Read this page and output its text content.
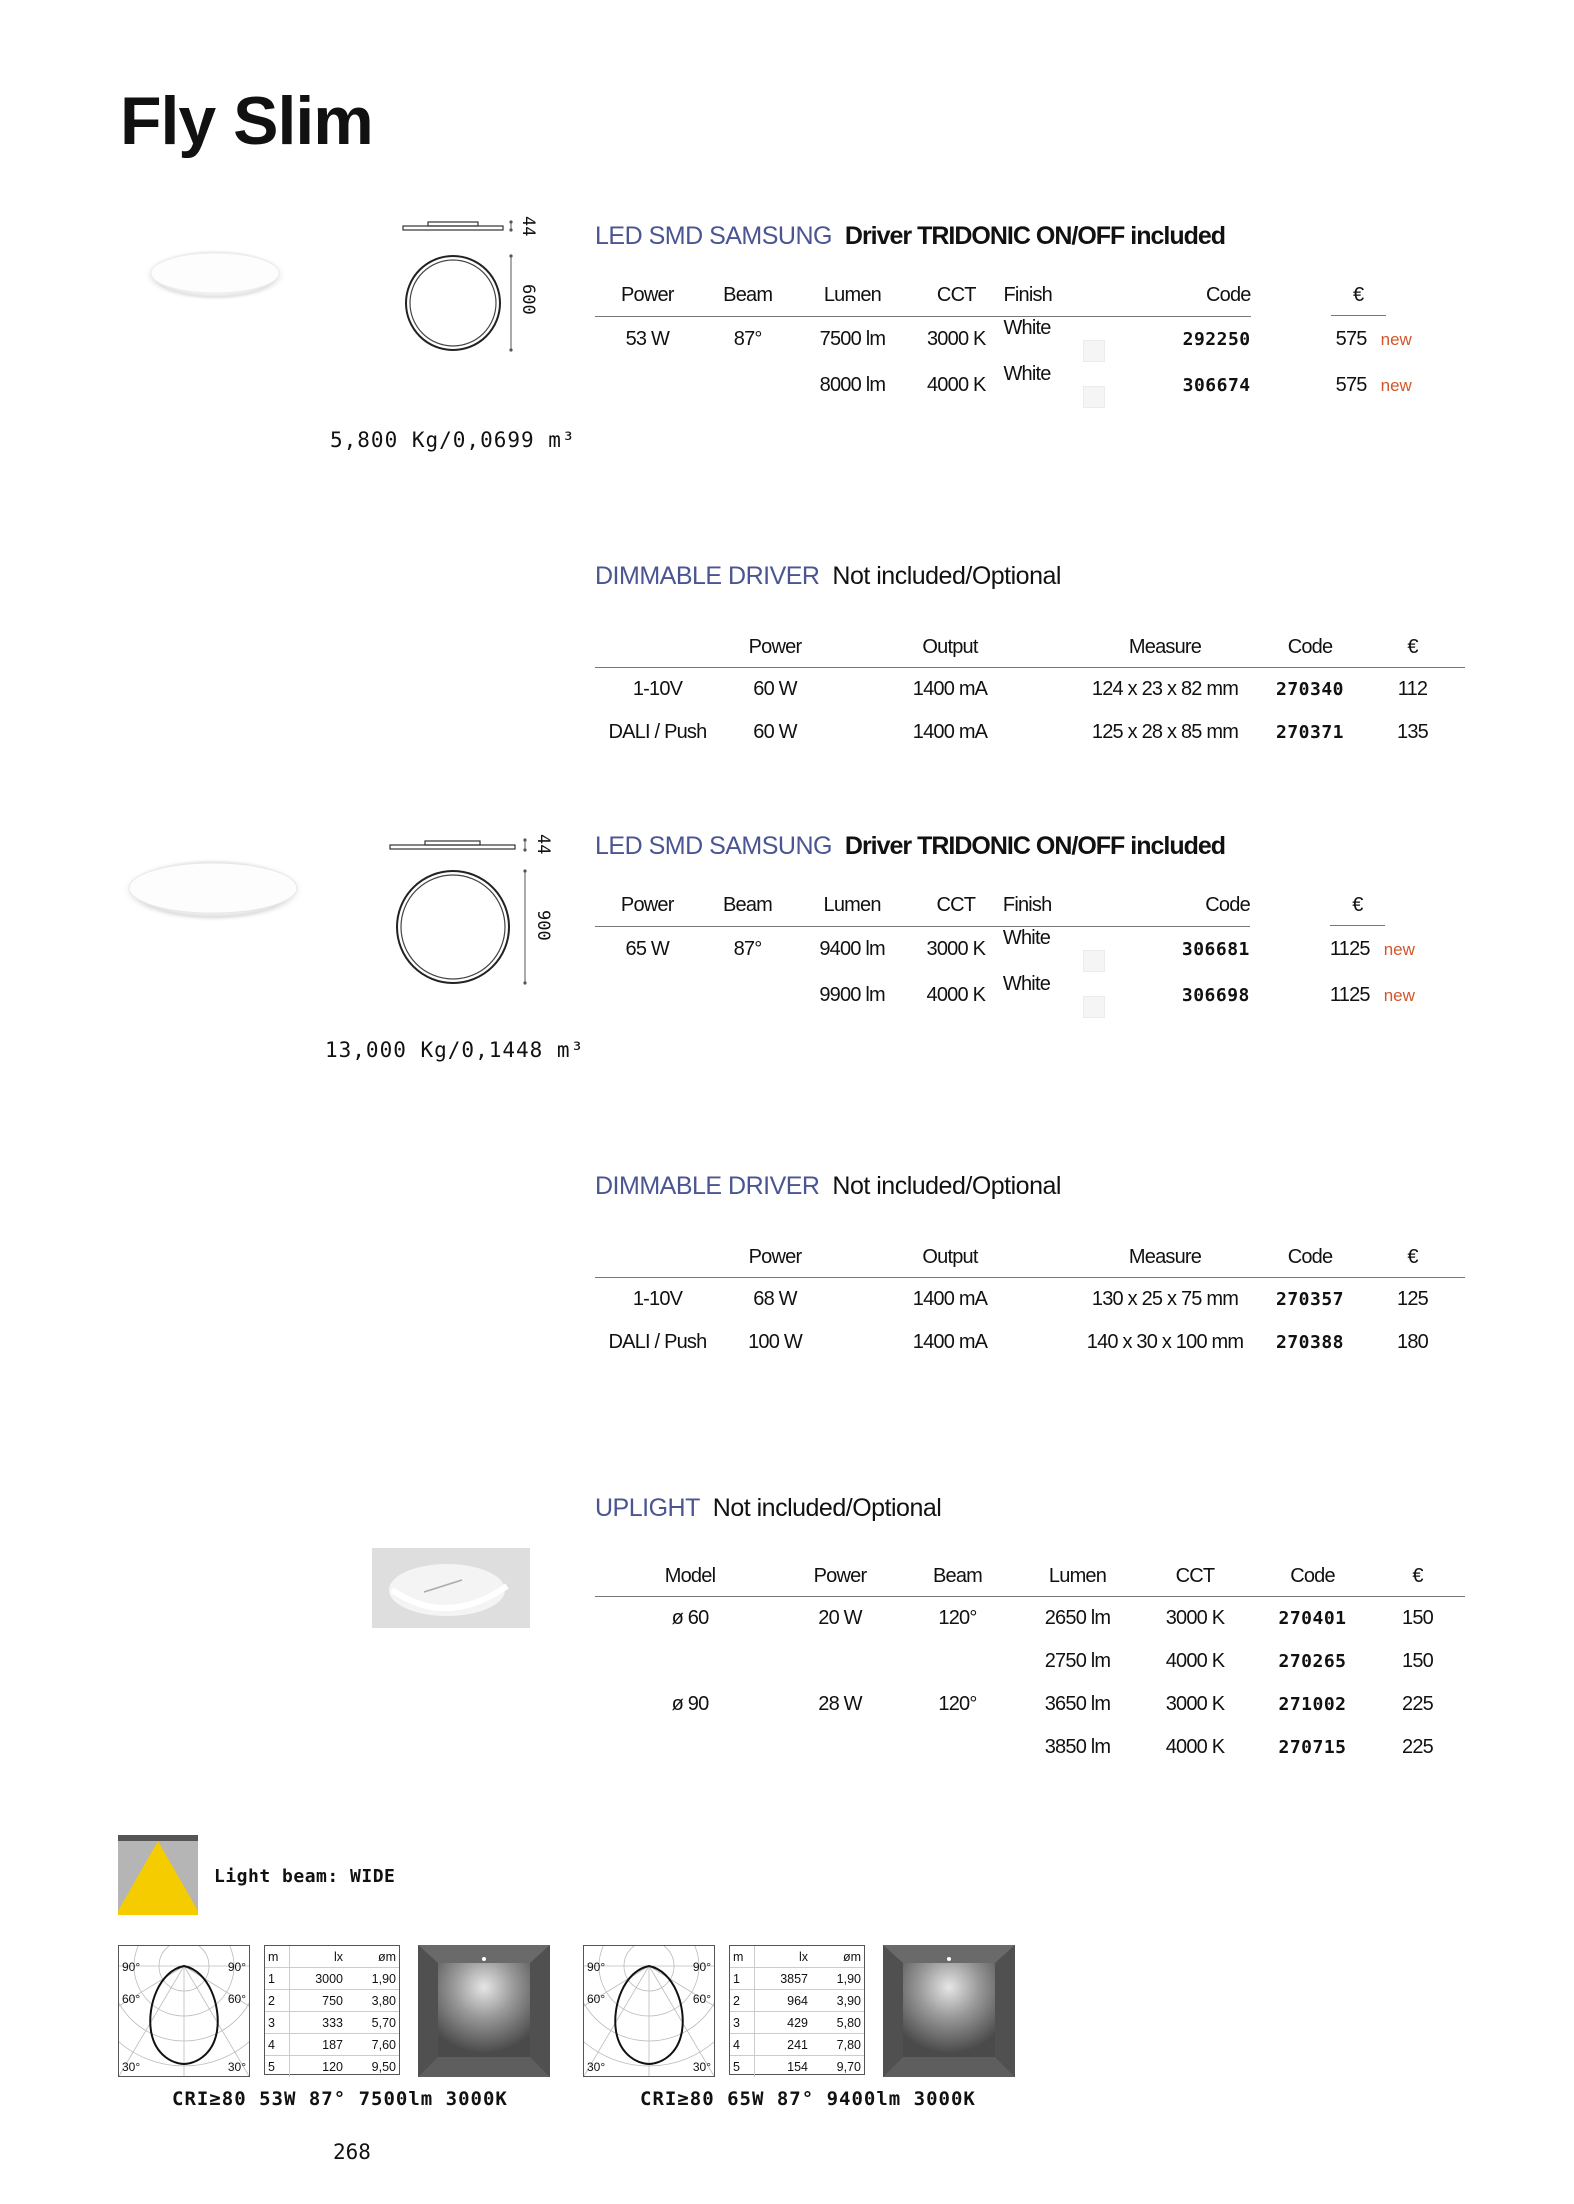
Fly Slim
44
600
5,800 Kg/0,0699 m³
LED SMD SAMSUNG Driver TRIDONIC ON/OFF included
Power	Beam	Lumen	CCT	Finish	Code	€
53 W	87°	7500 lm	3000 K	White	292250	575 new
		8000 lm	4000 K	White	306674	575 new
DIMMABLE DRIVER Not included/Optional
	Power	Output	Measure	Code	€
1-10V	60 W	1400 mA	124 x 23 x 82 mm	270340	112
DALI / Push	60 W	1400 mA	125 x 28 x 85 mm	270371	135
44
900
13,000 Kg/0,1448 m³
LED SMD SAMSUNG Driver TRIDONIC ON/OFF included
Power	Beam	Lumen	CCT	Finish	Code	€
65 W	87°	9400 lm	3000 K	White	306681	1125 new
		9900 lm	4000 K	White	306698	1125 new
DIMMABLE DRIVER Not included/Optional
	Power	Output	Measure	Code	€
1-10V	68 W	1400 mA	130 x 25 x 75 mm	270357	125
DALI / Push	100 W	1400 mA	140 x 30 x 100 mm	270388	180
UPLIGHT Not included/Optional
Model	Power	Beam	Lumen	CCT	Code	€
ø 60	20 W	120°	2650 lm	3000 K	270401	150
			2750 lm	4000 K	270265	150
ø 90	28 W	120°	3650 lm	3000 K	271002	225
			3850 lm	4000 K	270715	225
Light beam: WIDE
90°	90°
60°	60°
30°	30°
m	lx	øm
1	3000	1,90
2	750	3,80
3	333	5,70
4	187	7,60
5	120	9,50
CRI≥80 53W 87° 7500lm 3000K
90°	90°
60°	60°
30°	30°
m	lx	øm
1	3857	1,90
2	964	3,90
3	429	5,80
4	241	7,80
5	154	9,70
CRI≥80 65W 87° 9400lm 3000K
268
